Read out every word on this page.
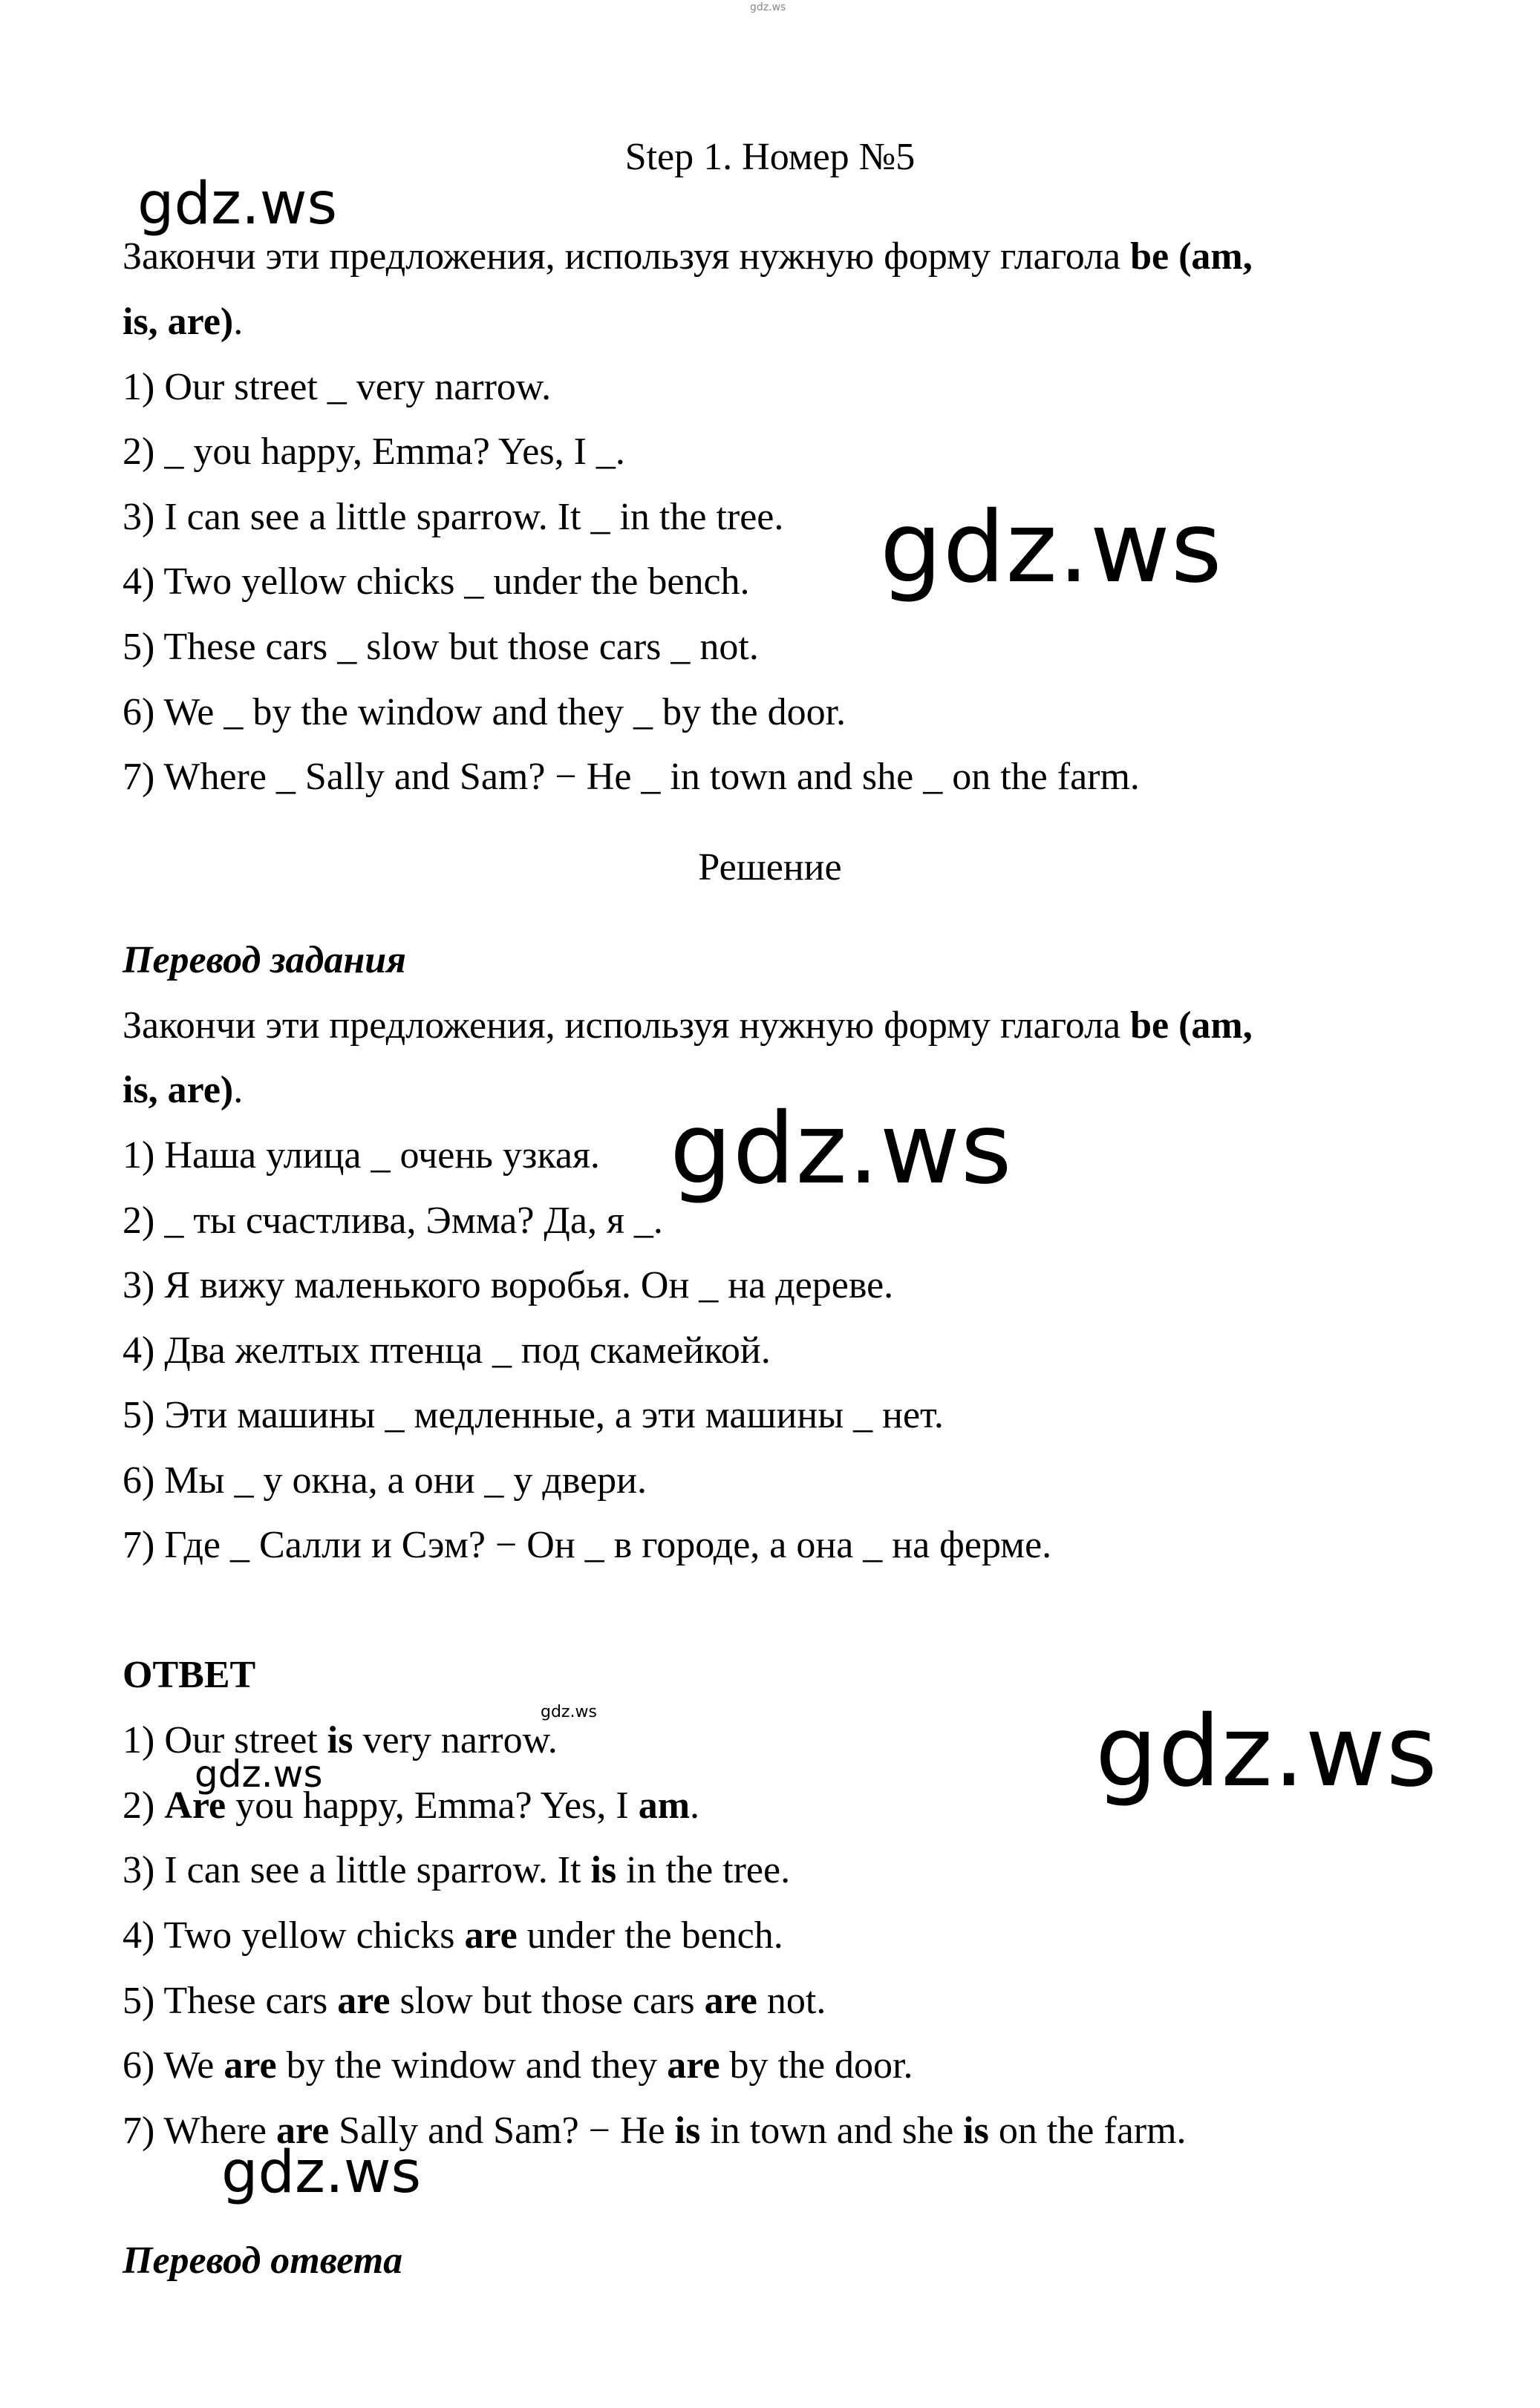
gdz.ws
Step 1. Номер №5
Закончи эти предложения, используя нужную форму глагола be (am,
is, are).
1) Our street _ very narrow.
2) _ you happy, Emma? Yes, I _.
3) I can see a little sparrow. It _ in the tree.
4) Two yellow chicks _ under the bench.
5) These cars _ slow but those cars _ not.
6) We _ by the window and they _ by the door.
7) Where _ Sally and Sam? − He _ in town and she _ on the farm.
Решение
Перевод задания
Закончи эти предложения, используя нужную форму глагола be (am,
is, are).
1) Наша улица _ очень узкая.
2) _ ты счастлива, Эмма? Да, я _.
3) Я вижу маленького воробья. Он _ на дереве.
4) Два желтых птенца _ под скамейкой.
5) Эти машины _ медленные, а эти машины _ нет.
6) Мы _ у окна, а они _ у двери.
7) Где _ Салли и Сэм? − Он _ в городе, а она _ на ферме.
ОТВЕТ
1) Our street is very narrow.
2) Are you happy, Emma? Yes, I am.
3) I can see a little sparrow. It is in the tree.
4) Two yellow chicks are under the bench.
5) These cars are slow but those cars are not.
6) We are by the window and they are by the door.
7) Where are Sally and Sam? − He is in town and she is on the farm.
Перевод ответа
gdz.ws
gdz.ws
gdz.ws
gdz.ws	gdz.ws
gdz.ws
gdz.ws
